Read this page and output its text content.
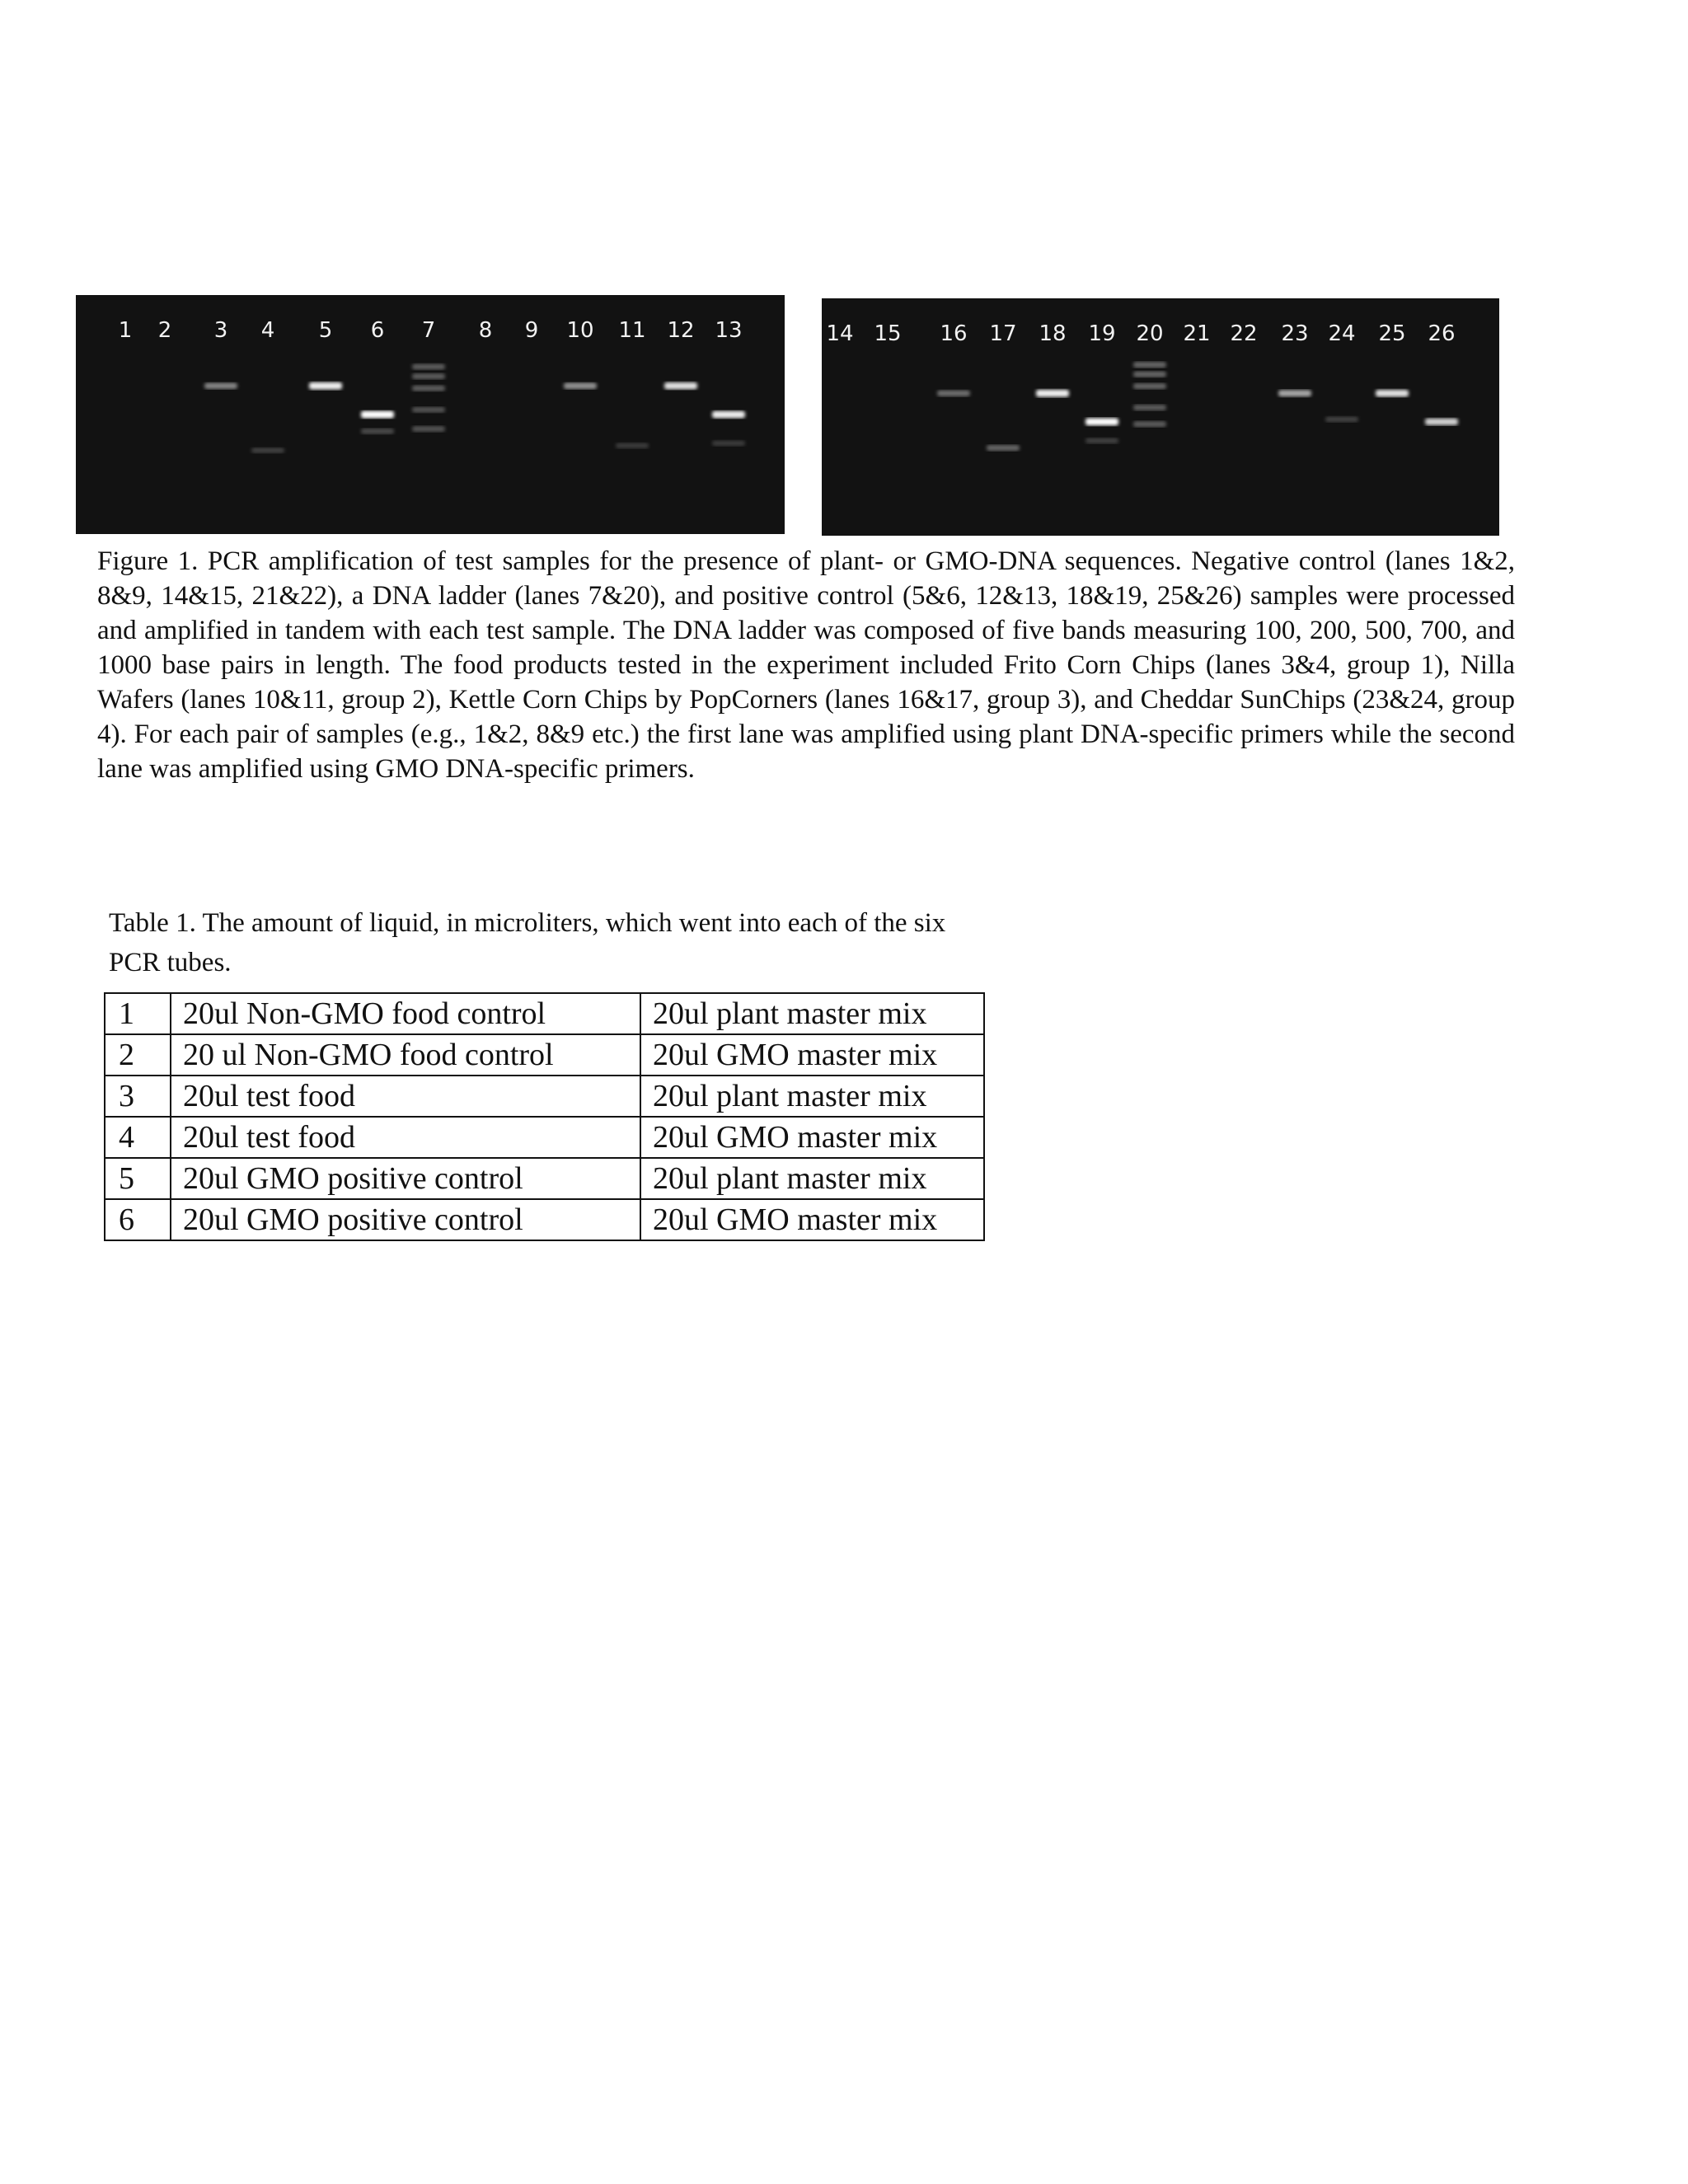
1 2 3 4 5 6 7 8 9 10 11 12 13	14 15 16 17 18 19 20 21 22 23 24 25 26

Figure 1. PCR amplification of test samples for the presence of plant- or GMO-DNA sequences. Negative control (lanes 1&2, 8&9, 14&15, 21&22), a DNA ladder (lanes 7&20), and positive control (5&6, 12&13, 18&19, 25&26) samples were processed and amplified in tandem with each test sample. The DNA ladder was composed of five bands measuring 100, 200, 500, 700, and 1000 base pairs in length. The food products tested in the experiment included Frito Corn Chips (lanes 3&4, group 1), Nilla Wafers (lanes 10&11, group 2), Kettle Corn Chips by PopCorners (lanes 16&17, group 3), and Cheddar SunChips (23&24, group 4). For each pair of samples (e.g., 1&2, 8&9 etc.) the first lane was amplified using plant DNA-specific primers while the second lane was amplified using GMO DNA-specific primers.

Table 1. The amount of liquid, in microliters, which went into each of the six PCR tubes.

1	20ul Non-GMO food control	20ul plant master mix
2	20 ul Non-GMO food control	20ul GMO master mix
3	20ul test food	20ul plant master mix
4	20ul test food	20ul GMO master mix
5	20ul GMO positive control	20ul plant master mix
6	20ul GMO positive control	20ul GMO master mix
